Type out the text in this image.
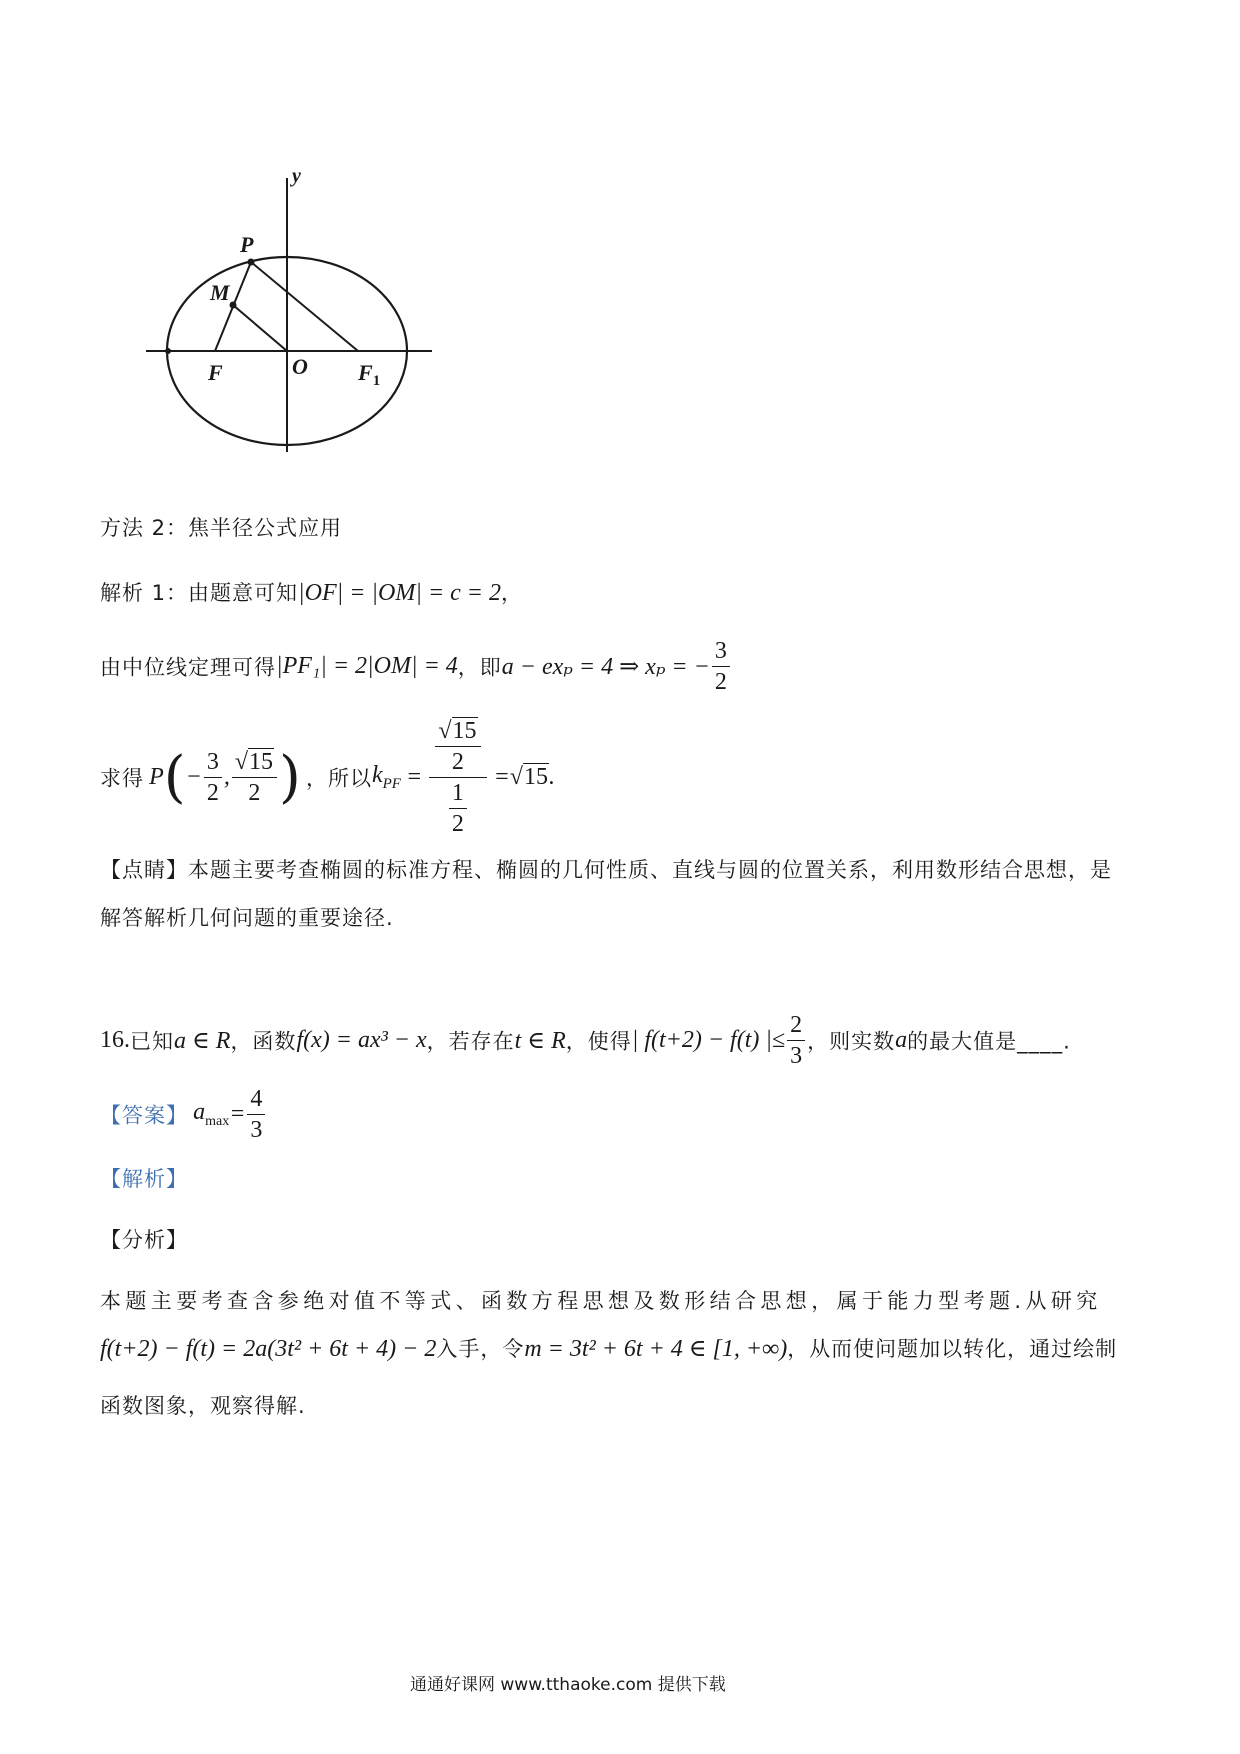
y
P
M
F	O $F_1$
方法 2：焦半径公式应用
解析 1：由题意可知|OF| = |OM| = c = 2，
由中位线定理可得|PF₁| = 2|OM| = 4，即a − exₚ = 4 ⇒ xₚ = − $\frac{3}{2}$
求得 $P(- \frac{3}{2}$ , $\frac{√15}{2}$ ) ，所以$k_{PF} = \frac{\frac{√15}{2}}{\frac{1}{2}} =√15$.
【点睛】本题主要考查椭圆的标准方程、椭圆的几何性质、直线与圆的位置关系，利用数形结合思想，是
解答解析几何问题的重要途径.
16.已知a ∈ R，函数f(x) = ax³ − x，若存在t ∈ R，使得| f(t+2) − f(t) |≤ $\frac{2}{3}$ ，则实数a的最大值是____.
【答案】 $a_{max}= \frac{4}{3}$
【解析】
【分析】
本题主要考查含参绝对值不等式、函数方程思想及数形结合思想，属于能力型考题.从研究
f(t+2) − f(t) = 2a(3t² + 6t + 4) − 2入手，令m = 3t² + 6t + 4 ∈ [1, +∞)，从而使问题加以转化，通过绘制
函数图象，观察得解.
通通好课网 www.tthaoke.com 提供下载
